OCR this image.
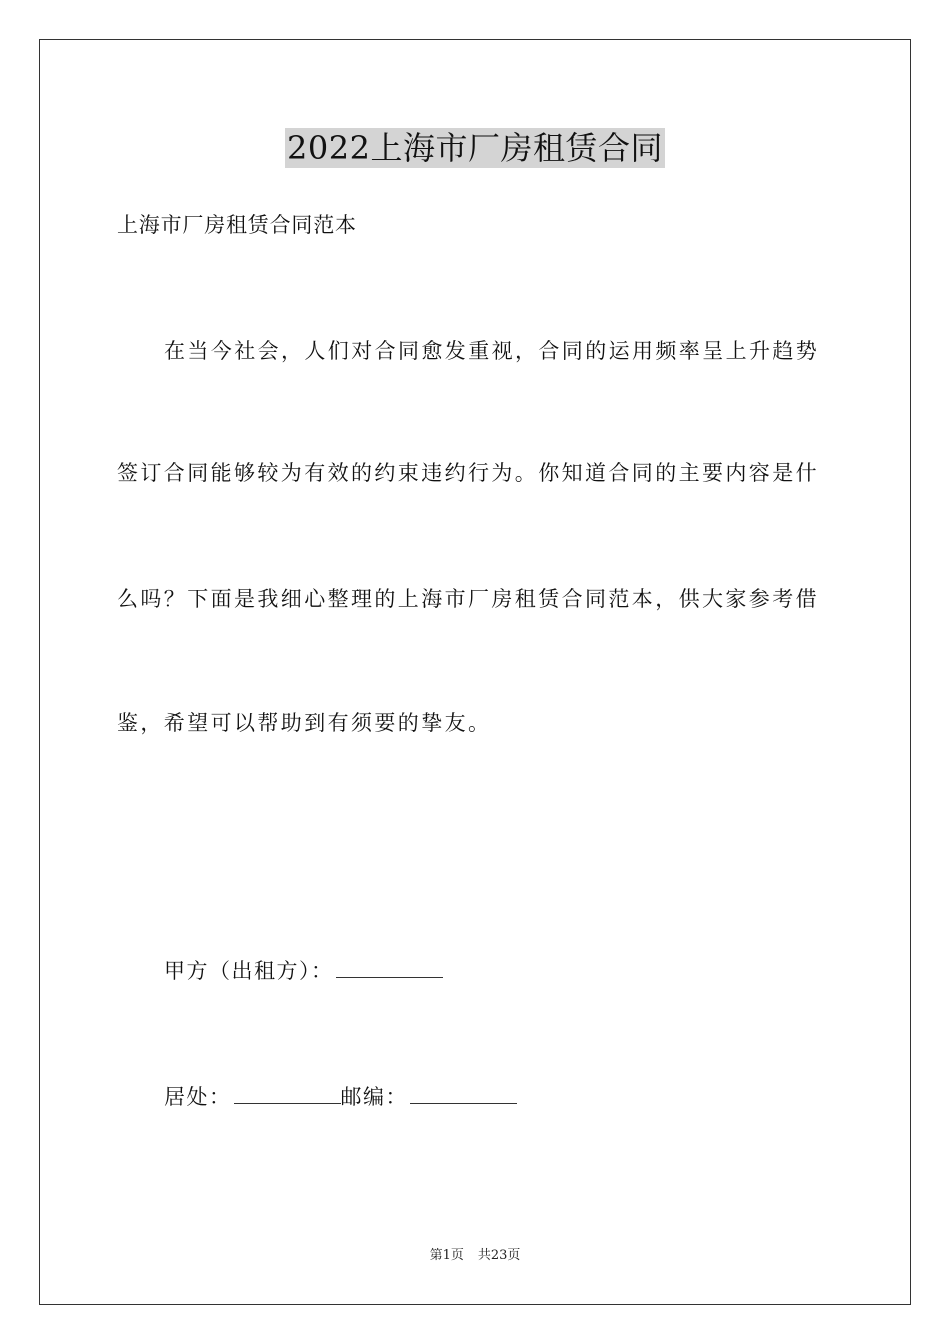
2022上海市厂房租赁合同
上海市厂房租赁合同范本
在当今社会，人们对合同愈发重视，合同的运用频率呈上升趋势
签订合同能够较为有效的约束违约行为。你知道合同的主要内容是什
么吗？下面是我细心整理的上海市厂房租赁合同范本，供大家参考借
鉴，希望可以帮助到有须要的挚友。
甲方（出租方）：
居处：	邮编：
第1页 共23页
